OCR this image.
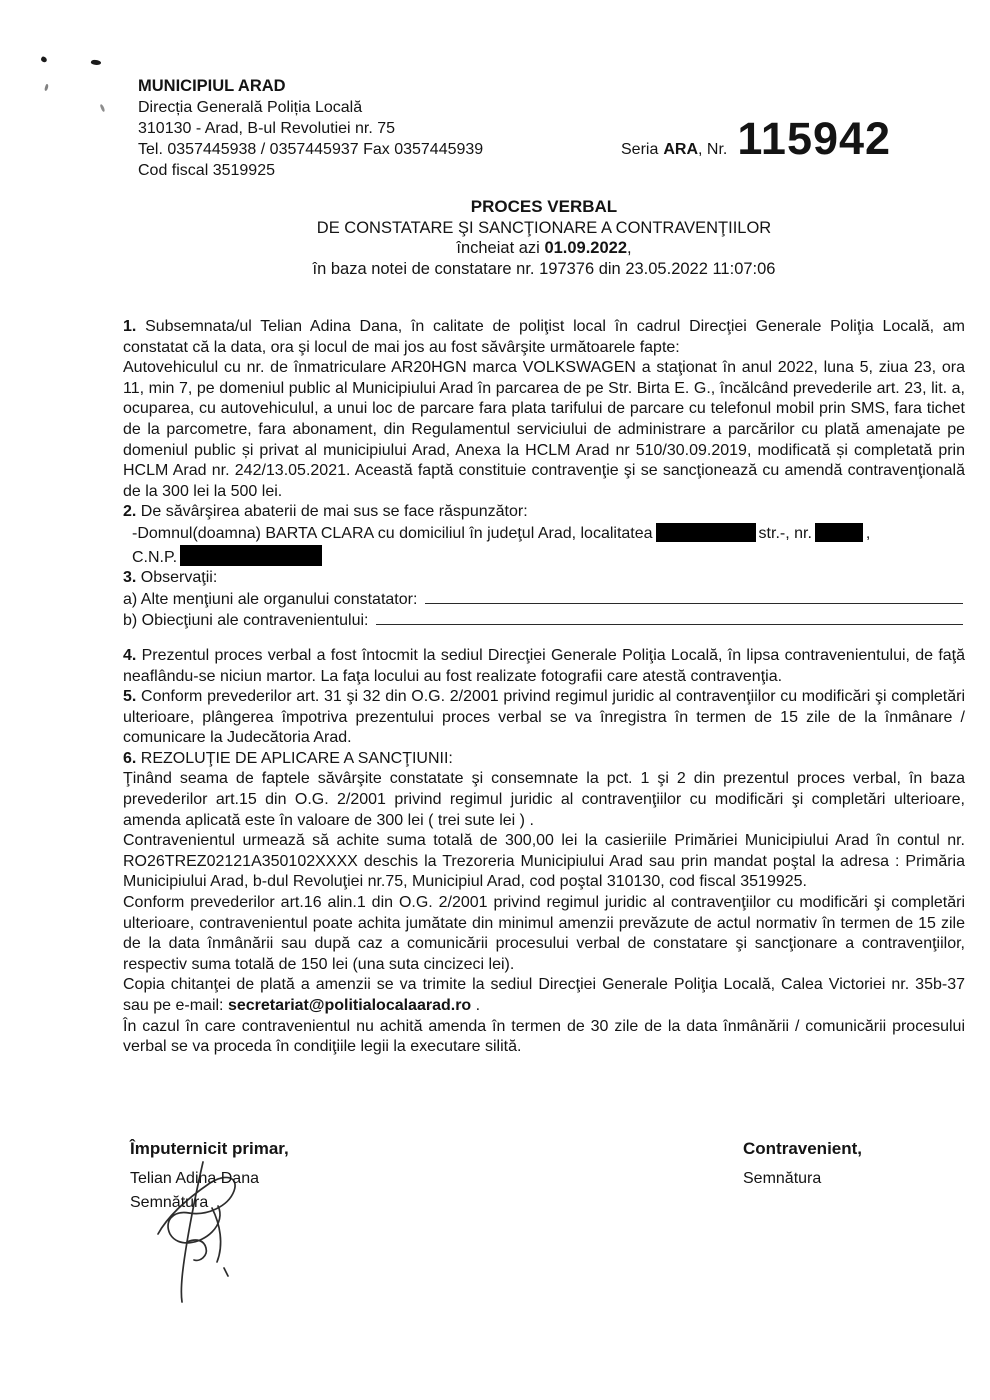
MUNICIPIUL ARAD
Direcția Generală Poliția Locală
310130 - Arad, B-ul Revolutiei nr. 75
Tel. 0357445938 / 0357445937 Fax 0357445939
Cod fiscal 3519925
Seria ARA , Nr. 115942
PROCES VERBAL
DE CONSTATARE ŞI SANCŢIONARE A CONTRAVENŢIILOR
încheiat azi 01.09.2022,
în baza notei de constatare nr. 197376 din 23.05.2022 11:07:06

1. Subsemnata/ul Telian Adina Dana, în calitate de poliţist local în cadrul Direcţiei Generale Poliţia Locală, am constatat că la data, ora şi locul de mai jos au fost săvârşite următoarele fapte:

Autovehiculul cu nr. de înmatriculare AR20HGN marca VOLKSWAGEN a staţionat în anul 2022, luna 5, ziua 23, ora 11, min 7, pe domeniul public al Municipiului Arad în parcarea de pe Str. Birta E. G., încălcând prevederile art. 23, lit. a, ocuparea, cu autovehiculul, a unui loc de parcare fara plata tarifului de parcare cu telefonul mobil prin SMS, fara tichet de la parcometre, fara abonament, din Regulamentul serviciului de administrare a parcărilor cu plată amenajate pe domeniul public și privat al municipiului Arad, Anexa la HCLM Arad nr 510/30.09.2019, modificată și completată prin HCLM Arad nr. 242/13.05.2021. Această faptă constituie contravenţie şi se sancţionează cu amendă contravenţională de la 300 lei la 500 lei.

2. De săvârşirea abaterii de mai sus se face răspunzător:

-Domnul(doamna) BARTA CLARA cu domiciliul în judeţul Arad, localitatea	str.-, nr.	,
C.N.P.

3. Observaţii:

a) Alte menţiuni ale organului constatator:

b) Obiecţiuni ale contravenientului:

4. Prezentul proces verbal a fost întocmit la sediul Direcţiei Generale Poliţia Locală, în lipsa contravenientului, de faţă neaflându-se niciun martor. La faţa locului au fost realizate fotografii care atestă contravenţia.

5. Conform prevederilor art. 31 şi 32 din O.G. 2/2001 privind regimul juridic al contravenţiilor cu modificări şi completări ulterioare, plângerea împotriva prezentului proces verbal se va înregistra în termen de 15 zile de la înmânare / comunicare la Judecătoria Arad.

6. REZOLUŢIE DE APLICARE A SANCŢIUNII:

Ţinând seama de faptele săvârşite constatate şi consemnate la pct. 1 şi 2 din prezentul proces verbal, în baza prevederilor art.15 din O.G. 2/2001 privind regimul juridic al contravenţiilor cu modificări şi completări ulterioare, amenda aplicată este în valoare de 300 lei ( trei sute lei ) .

Contravenientul urmează să achite suma totală de 300,00 lei la casieriile Primăriei Municipiului Arad în contul nr. RO26TREZ02121A350102XXXX deschis la Trezoreria Municipiului Arad sau prin mandat poştal la adresa : Primăria Municipiului Arad, b-dul Revoluţiei nr.75, Municipiul Arad, cod poştal 310130, cod fiscal 3519925.

Conform prevederilor art.16 alin.1 din O.G. 2/2001 privind regimul juridic al contravenţiilor cu modificări şi completări ulterioare, contravenientul poate achita jumătate din minimul amenzii prevăzute de actul normativ în termen de 15 zile de la data înmânării sau după caz a comunicării procesului verbal de constatare şi sancţionare a contravenţiilor, respectiv suma totală de 150 lei (una suta cincizeci lei).

Copia chitanţei de plată a amenzii se va trimite la sediul Direcţiei Generale Poliţia Locală, Calea Victoriei nr. 35b-37 sau pe e-mail: secretariat@politialocalaarad.ro .

În cazul în care contravenientul nu achită amenda în termen de 30 zile de la data înmânării / comunicării procesului verbal se va proceda în condiţiile legii la executare silită.

Împuternicit primar,
Telian Adina Dana
Semnătura
Contravenient,
Semnătura
